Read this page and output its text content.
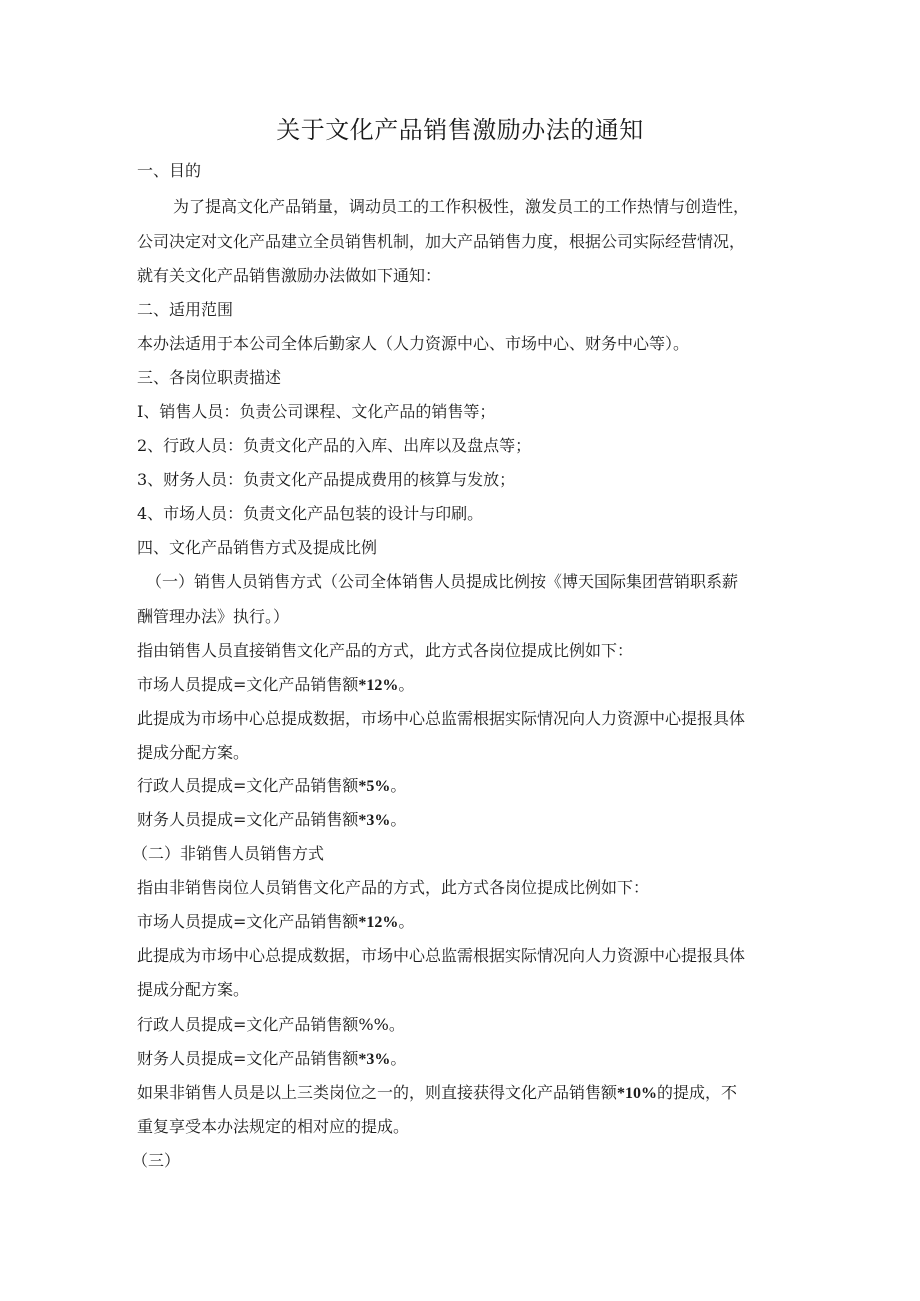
关于文化产品销售激励办法的通知
一、目的
为了提高文化产品销量，调动员工的工作积极性，激发员工的工作热情与创造性，
公司决定对文化产品建立全员销售机制，加大产品销售力度，根据公司实际经营情况，
就有关文化产品销售激励办法做如下通知：
二、适用范围
本办法适用于本公司全体后勤家人（人力资源中心、市场中心、财务中心等）。
三、各岗位职责描述
I、销售人员：负责公司课程、文化产品的销售等；
2、行政人员：负责文化产品的入库、出库以及盘点等；
3、财务人员：负责文化产品提成费用的核算与发放；
4、市场人员：负责文化产品包装的设计与印刷。
四、文化产品销售方式及提成比例
（一）销售人员销售方式（公司全体销售人员提成比例按《博天国际集团营销职系薪
酬管理办法》执行。）
指由销售人员直接销售文化产品的方式，此方式各岗位提成比例如下：
市场人员提成=文化产品销售额*12%。
此提成为市场中心总提成数据，市场中心总监需根据实际情况向人力资源中心提报具体
提成分配方案。
行政人员提成=文化产品销售额*5%。
财务人员提成=文化产品销售额*3%。
（二）非销售人员销售方式
指由非销售岗位人员销售文化产品的方式，此方式各岗位提成比例如下：
市场人员提成=文化产品销售额*12%。
此提成为市场中心总提成数据，市场中心总监需根据实际情况向人力资源中心提报具体
提成分配方案。
行政人员提成=文化产品销售额%%。
财务人员提成=文化产品销售额*3%。
如果非销售人员是以上三类岗位之一的，则直接获得文化产品销售额*10%的提成，不
重复享受本办法规定的相对应的提成。
（三）
